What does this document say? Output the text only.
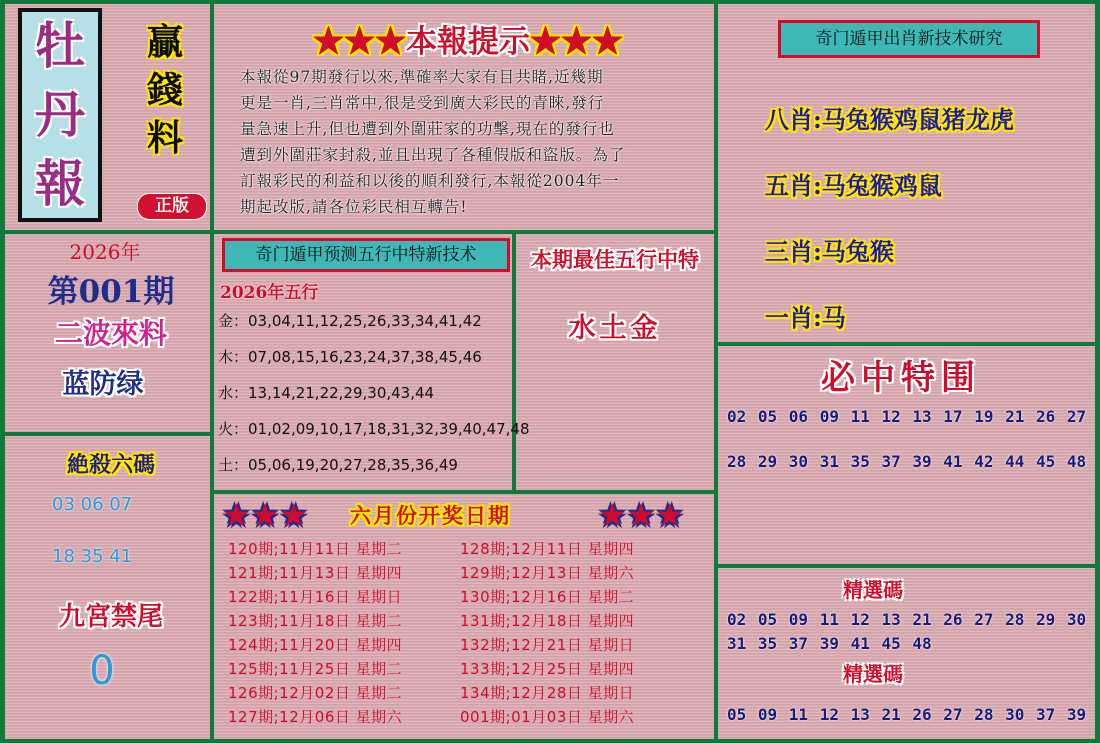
牡
丹
報
贏
錢
料
正版
2026年
第001期
二波來料
蓝防绿
絶殺六碼
03 06 07
18 35 41
九宮禁尾
0
★★★本報提示★★★
本報從97期發行以來,準確率大家有目共睹,近幾期
更是一肖,三肖常中,很是受到廣大彩民的青睞,發行
量急速上升,但也遭到外圍莊家的功擊,現在的發行也
遭到外圍莊家封殺,並且出現了各種假版和盜版。為了
訂報彩民的利益和以後的順利發行,本報從2004年一
期起改版,請各位彩民相互轉告!
奇门遁甲预测五行中特新技术
2026年五行
金：03,04,11,12,25,26,33,34,41,42
木：07,08,15,16,23,24,37,38,45,46
水：13,14,21,22,29,30,43,44
火：01,02,09,10,17,18,31,32,39,40,47,48
土：05,06,19,20,27,28,35,36,49
本期最佳五行中特
水土金
★★★ 六月份开奖日期	★★★
120期;11月11日 星期二
121期;11月13日 星期四
122期;11月16日 星期日
123期;11月18日 星期二
124期;11月20日 星期四
125期;11月25日 星期二
126期;12月02日 星期二
127期;12月06日 星期六
128期;12月11日 星期四
129期;12月13日 星期六
130期;12月16日 星期二
131期;12月18日 星期四
132期;12月21日 星期日
133期;12月25日 星期四
134期;12月28日 星期日
001期;01月03日 星期六
奇门遁甲出肖新技术研究
八肖:马兔猴鸡鼠猪龙虎
五肖:马兔猴鸡鼠
三肖:马兔猴
一肖:马
必中特围
02 05 06 09 11 12 13 17 19 21 26 27
28 29 30 31 35 37 39 41 42 44 45 48
精選碼
02 05 09 11 12 13 21 26 27 28 29 30
31 35 37 39 41 45 48
精選碼
05 09 11 12 13 21 26 27 28 30 37 39
